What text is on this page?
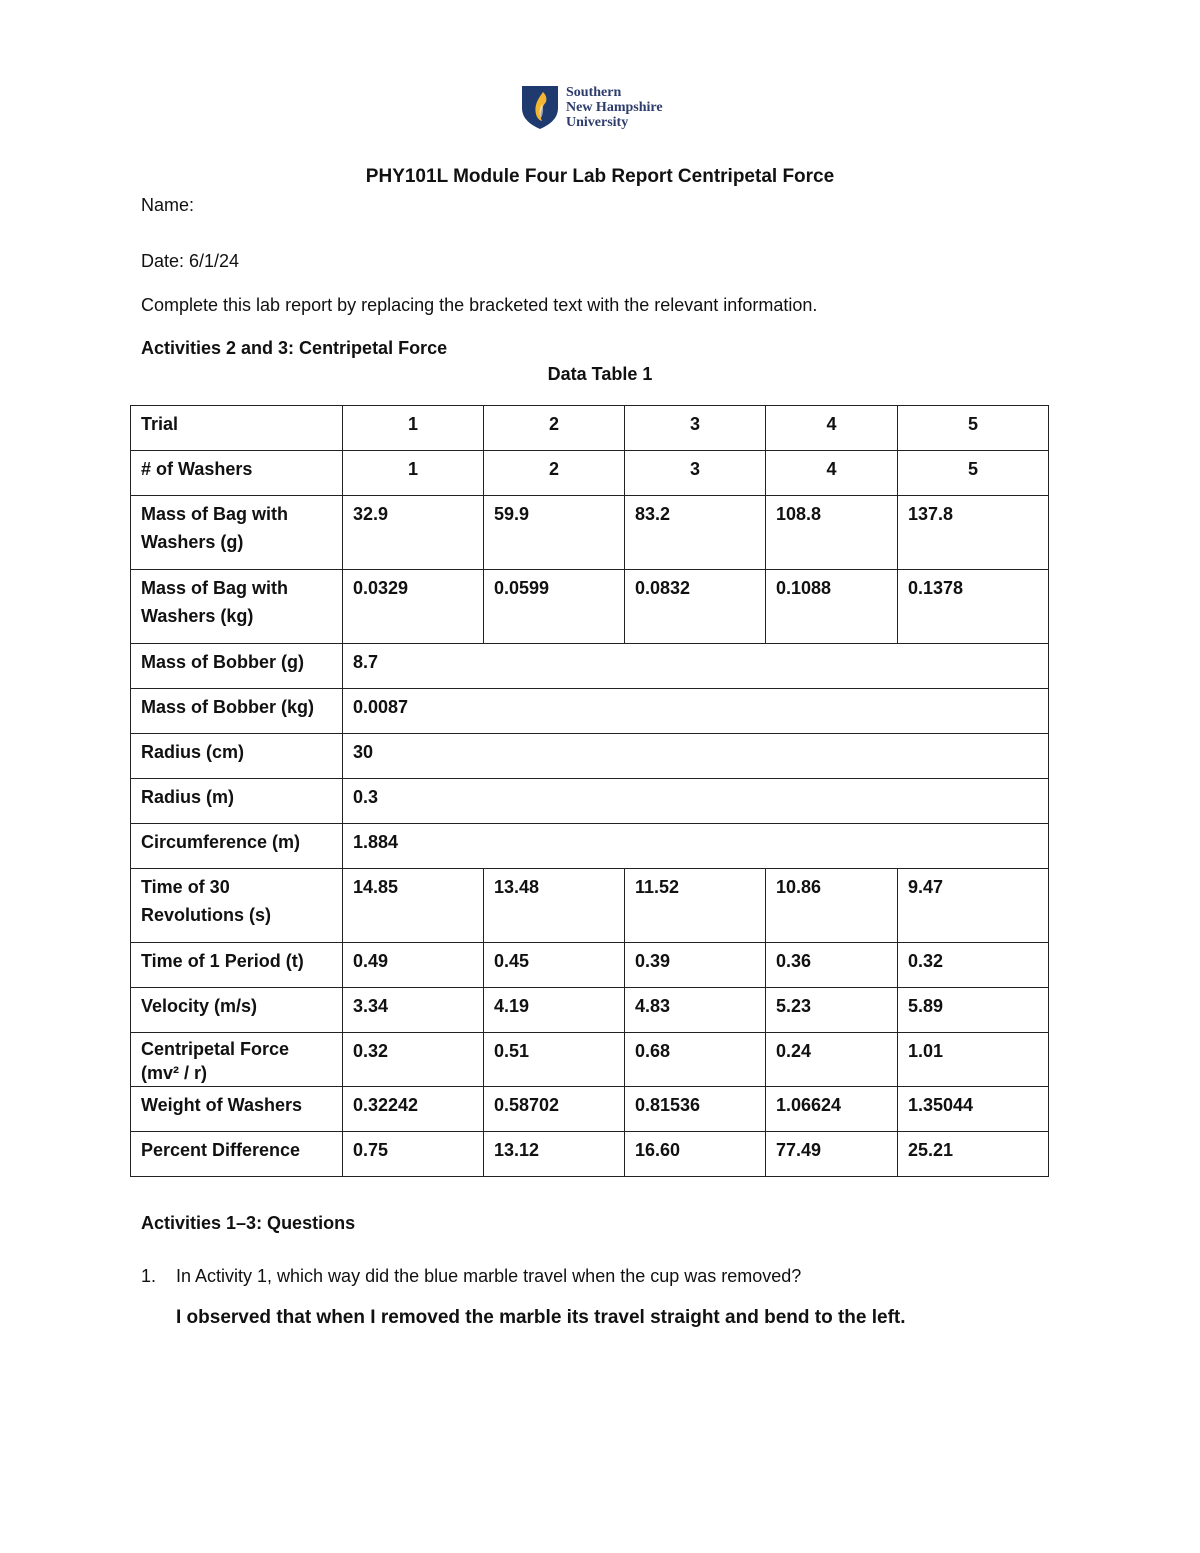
Southern
New Hampshire
University
PHY101L Module Four Lab Report Centripetal Force
Name:
Date: 6/1/24
Complete this lab report by replacing the bracketed text with the relevant information.
Activities 2 and 3: Centripetal Force
Data Table 1
Trial	1	2	3	4	5
# of Washers	1	2	3	4	5
Mass of Bag with Washers (g)	32.9	59.9	83.2	108.8	137.8
Mass of Bag with Washers (kg)	0.0329	0.0599	0.0832	0.1088	0.1378
Mass of Bobber (g)	8.7				
Mass of Bobber (kg)	0.0087				
Radius (cm)	30				
Radius (m)	0.3				
Circumference (m)	1.884				
Time of 30 Revolutions (s)	14.85	13.48	11.52	10.86	9.47
Time of 1 Period (t)	0.49	0.45	0.39	0.36	0.32
Velocity (m/s)	3.34	4.19	4.83	5.23	5.89
Centripetal Force (mv² / r)	0.32	0.51	0.68	0.24	1.01
Weight of Washers	0.32242	0.58702	0.81536	1.06624	1.35044
Percent Difference	0.75	13.12	16.60	77.49	25.21
Activities 1–3: Questions
1. In Activity 1, which way did the blue marble travel when the cup was removed?
I observed that when I removed the marble its travel straight and bend to the left.
